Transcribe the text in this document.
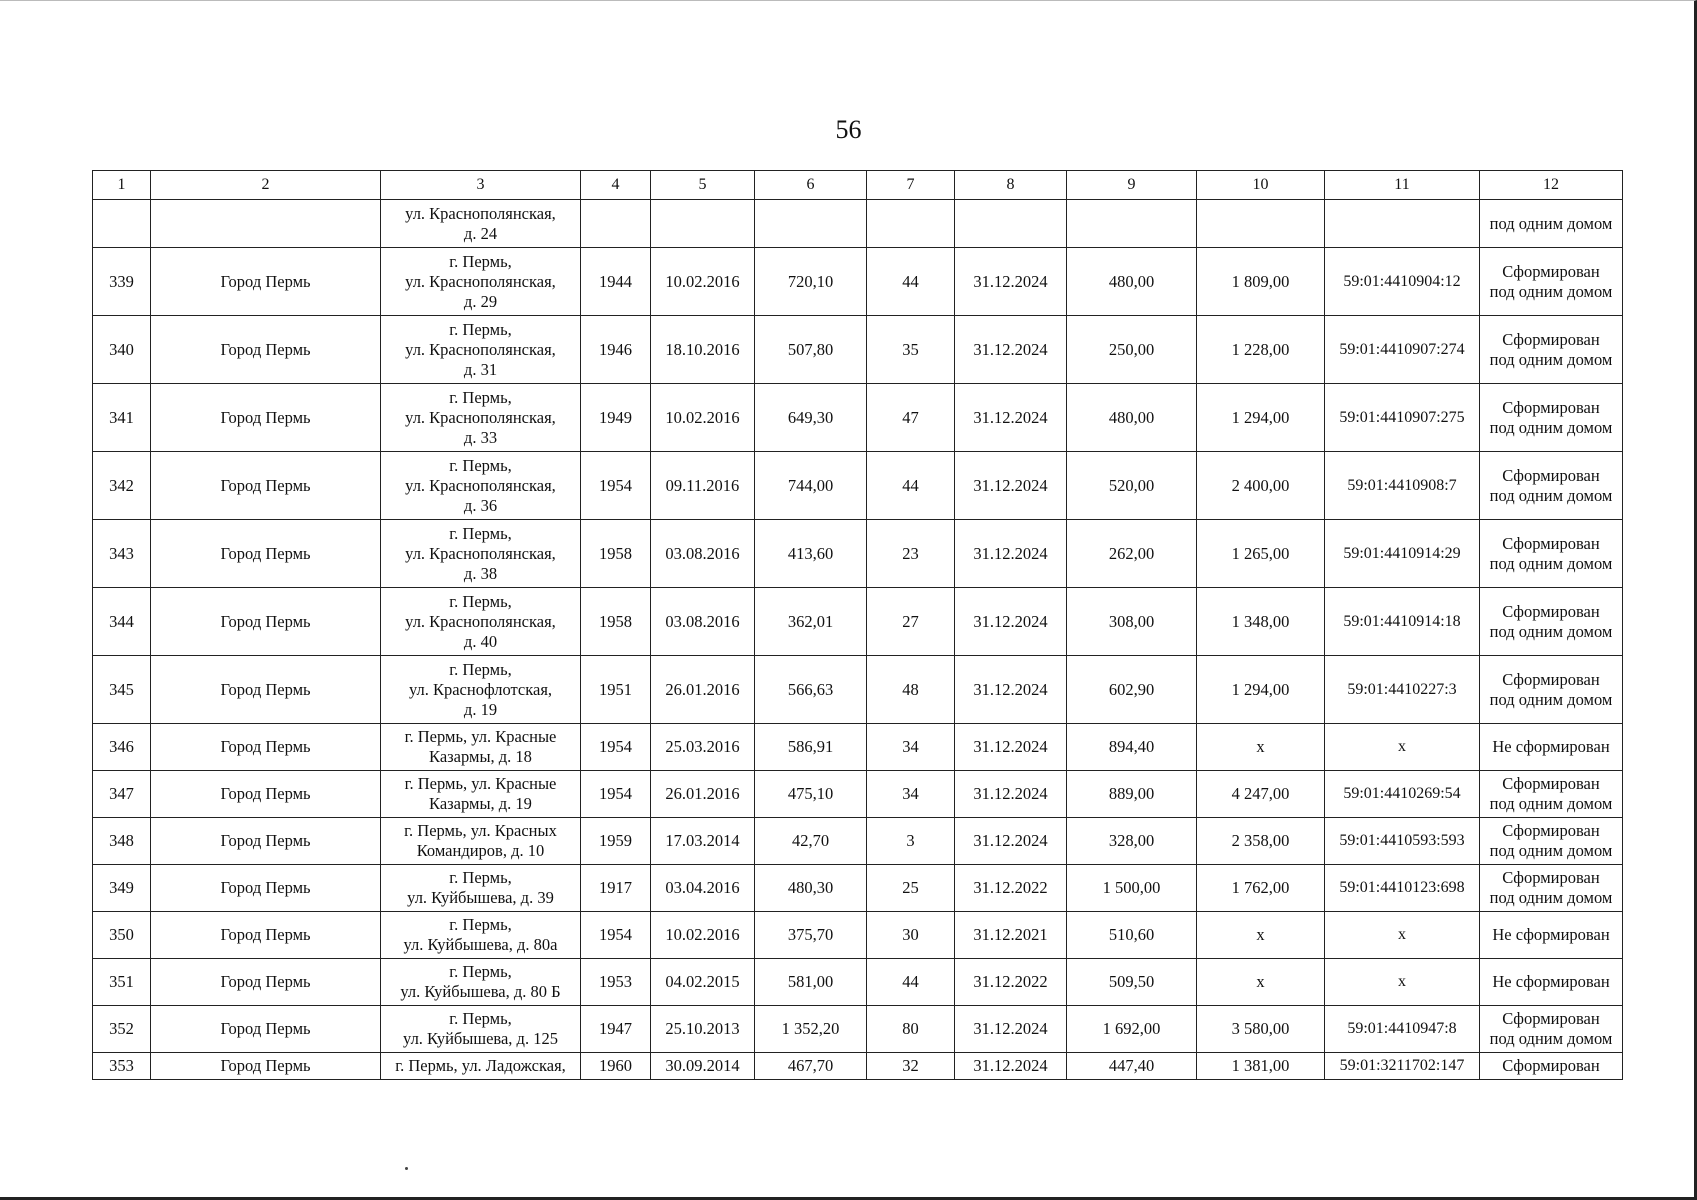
56
1	2	3	4	5	6	7	8	9	10	11	12
		ул. Краснополянская,
д. 24									под одним домом
339	Город Пермь	г. Пермь,
ул. Краснополянская,
д. 29	1944	10.02.2016	720,10	44	31.12.2024	480,00	1 809,00	59:01:4410904:12	Сформирован
под одним домом
340	Город Пермь	г. Пермь,
ул. Краснополянская,
д. 31	1946	18.10.2016	507,80	35	31.12.2024	250,00	1 228,00	59:01:4410907:274	Сформирован
под одним домом
341	Город Пермь	г. Пермь,
ул. Краснополянская,
д. 33	1949	10.02.2016	649,30	47	31.12.2024	480,00	1 294,00	59:01:4410907:275	Сформирован
под одним домом
342	Город Пермь	г. Пермь,
ул. Краснополянская,
д. 36	1954	09.11.2016	744,00	44	31.12.2024	520,00	2 400,00	59:01:4410908:7	Сформирован
под одним домом
343	Город Пермь	г. Пермь,
ул. Краснополянская,
д. 38	1958	03.08.2016	413,60	23	31.12.2024	262,00	1 265,00	59:01:4410914:29	Сформирован
под одним домом
344	Город Пермь	г. Пермь,
ул. Краснополянская,
д. 40	1958	03.08.2016	362,01	27	31.12.2024	308,00	1 348,00	59:01:4410914:18	Сформирован
под одним домом
345	Город Пермь	г. Пермь,
ул. Краснофлотская,
д. 19	1951	26.01.2016	566,63	48	31.12.2024	602,90	1 294,00	59:01:4410227:3	Сформирован
под одним домом
346	Город Пермь	г. Пермь, ул. Красные
Казармы, д. 18	1954	25.03.2016	586,91	34	31.12.2024	894,40	х	х	Не сформирован
347	Город Пермь	г. Пермь, ул. Красные
Казармы, д. 19	1954	26.01.2016	475,10	34	31.12.2024	889,00	4 247,00	59:01:4410269:54	Сформирован
под одним домом
348	Город Пермь	г. Пермь, ул. Красных
Командиров, д. 10	1959	17.03.2014	42,70	3	31.12.2024	328,00	2 358,00	59:01:4410593:593	Сформирован
под одним домом
349	Город Пермь	г. Пермь,
ул. Куйбышева, д. 39	1917	03.04.2016	480,30	25	31.12.2022	1 500,00	1 762,00	59:01:4410123:698	Сформирован
под одним домом
350	Город Пермь	г. Пермь,
ул. Куйбышева, д. 80а	1954	10.02.2016	375,70	30	31.12.2021	510,60	х	х	Не сформирован
351	Город Пермь	г. Пермь,
ул. Куйбышева, д. 80 Б	1953	04.02.2015	581,00	44	31.12.2022	509,50	х	х	Не сформирован
352	Город Пермь	г. Пермь,
ул. Куйбышева, д. 125	1947	25.10.2013	1 352,20	80	31.12.2024	1 692,00	3 580,00	59:01:4410947:8	Сформирован
под одним домом
353	Город Пермь	г. Пермь, ул. Ладожская,	1960	30.09.2014	467,70	32	31.12.2024	447,40	1 381,00	59:01:3211702:147	Сформирован
